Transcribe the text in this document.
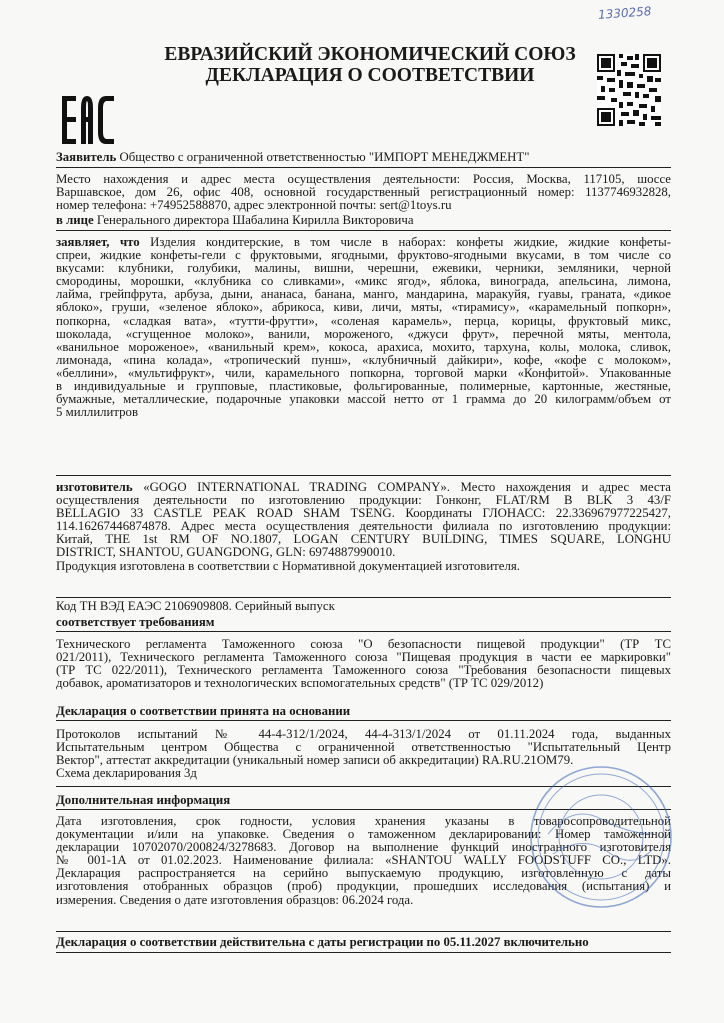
1330258
ЕВРАЗИЙСКИЙ ЭКОНОМИЧЕСКИЙ СОЮЗ
ДЕКЛАРАЦИЯ О СООТВЕТСТВИИ
Заявитель Общество с ограниченной ответственностью "ИМПОРТ МЕНЕДЖМЕНТ"
Место нахождения и адрес места осуществления деятельности: Россия, Москва, 117105, шоссе
Варшавское, дом 26, офис 408, основной государственный регистрационный номер: 1137746932828,
номер телефона: +74952588870, адрес электронной почты: sert@1toys.ru
в лице Генерального директора Шабалина Кирилла Викторовича
заявляет, что Изделия кондитерские, в том числе в наборах: конфеты жидкие, жидкие конфеты-
спреи, жидкие конфеты-гели с фруктовыми, ягодными, фруктово-ягодными вкусами, в том числе со
вкусами: клубники, голубики, малины, вишни, черешни, ежевики, черники, земляники, черной
смородины, морошки, «клубника со сливками», «микс ягод», яблока, винограда, апельсина, лимона,
лайма, грейпфрута, арбуза, дыни, ананаса, банана, манго, мандарина, маракуйя, гуавы, граната, «дикое
яблоко», груши, «зеленое яблоко», абрикоса, киви, личи, мяты, «тирамису», «карамельный попкорн»,
попкорна, «сладкая вата», «тутти-фрутти», «соленая карамель», перца, корицы, фруктовый микс,
шоколада, «сгущенное молоко», ванили, мороженого, «джуси фрут», перечной мяты, ментола,
«ванильное мороженое», «ванильный крем», кокоса, арахиса, мохито, тархуна, колы, молока, сливок,
лимонада, «пина колада», «тропический пунш», «клубничный дайкири», кофе, «кофе с молоком»,
«беллини», «мультифрукт», чили, карамельного попкорна, торговой марки «Конфитой». Упакованные
в индивидуальные и групповые, пластиковые, фольгированные, полимерные, картонные, жестяные,
бумажные, металлические, подарочные упаковки массой нетто от 1 грамма до 20 килограмм/объем от
5 миллилитров
изготовитель «GOGO INTERNATIONAL TRADING COMPANY». Место нахождения и адрес места
осуществления деятельности по изготовлению продукции: Гонконг, FLAT/RM B BLK 3 43/F
BELLAGIO 33 CASTLE PEAK ROAD SHAM TSENG. Координаты ГЛОНАСС: 22.336967977225427,
114.16267446874878. Адрес места осуществления деятельности филиала по изготовлению продукции:
Китай, THE 1st RM OF NO.1807, LOGAN CENTURY BUILDING, TIMES SQUARE, LONGHU
DISTRICT, SHANTOU, GUANGDONG, GLN: 6974887990010.
Продукция изготовлена в соответствии с Нормативной документацией изготовителя.
Код ТН ВЭД ЕАЭС 2106909808. Серийный выпуск
соответствует требованиям
Технического регламента Таможенного союза "О безопасности пищевой продукции" (ТР ТС
021/2011), Технического регламента Таможенного союза "Пищевая продукция в части ее маркировки"
(ТР ТС 022/2011), Технического регламента Таможенного союза "Требования безопасности пищевых
добавок, ароматизаторов и технологических вспомогательных средств" (ТР ТС 029/2012)
Декларация о соответствии принята на основании
Протоколов испытаний № 44-4-312/1/2024, 44-4-313/1/2024 от 01.11.2024 года, выданных
Испытательным центром Общества с ограниченной ответственностью "Испытательный Центр
Вектор", аттестат аккредитации (уникальный номер записи об аккредитации) RA.RU.21ОМ79.
Схема декларирования 3д
Дополнительная информация
Дата изготовления, срок годности, условия хранения указаны в товаросопроводительной
документации и/или на упаковке. Сведения о таможенном декларировании: Номер таможенной
декларации 10702070/200824/3278683. Договор на выполнение функций иностранного изготовителя
№ 001-1А от 01.02.2023. Наименование филиала: «SHANTOU WALLY FOODSTUFF CO., LTD».
Декларация распространяется на серийно выпускаемую продукцию, изготовленную с даты
изготовления отобранных образцов (проб) продукции, прошедших исследования (испытания) и
измерения. Сведения о дате изготовления образцов: 06.2024 года.
Декларация о соответствии действительна с даты регистрации по 05.11.2027 включительно
